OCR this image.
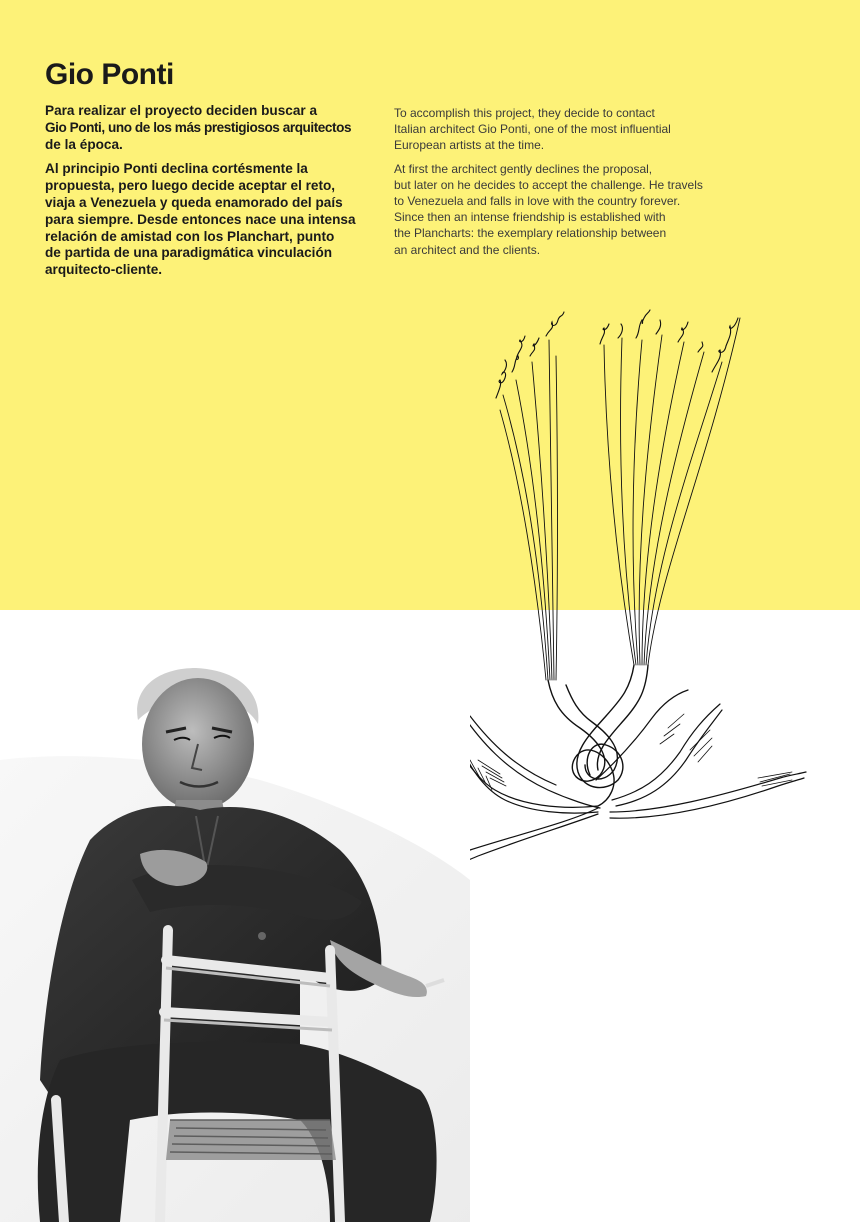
Gio Ponti

Para realizar el proyecto deciden buscar a
Gio Ponti, uno de los más prestigiosos arquitectos
de la época.

Al principio Ponti declina cortésmente la
propuesta, pero luego decide aceptar el reto,
viaja a Venezuela y queda enamorado del país
para siempre. Desde entonces nace una intensa
relación de amistad con los Planchart, punto
de partida de una paradigmática vinculación
arquitecto-cliente.

To accomplish this project, they decide to contact
Italian architect Gio Ponti, one of the most influential
European artists at the time.

At first the architect gently declines the proposal,
but later on he decides to accept the challenge. He travels
to Venezuela and falls in love with the country forever.
Since then an intense friendship is established with
the Plancharts: the exemplary relationship between
an architect and the clients.
